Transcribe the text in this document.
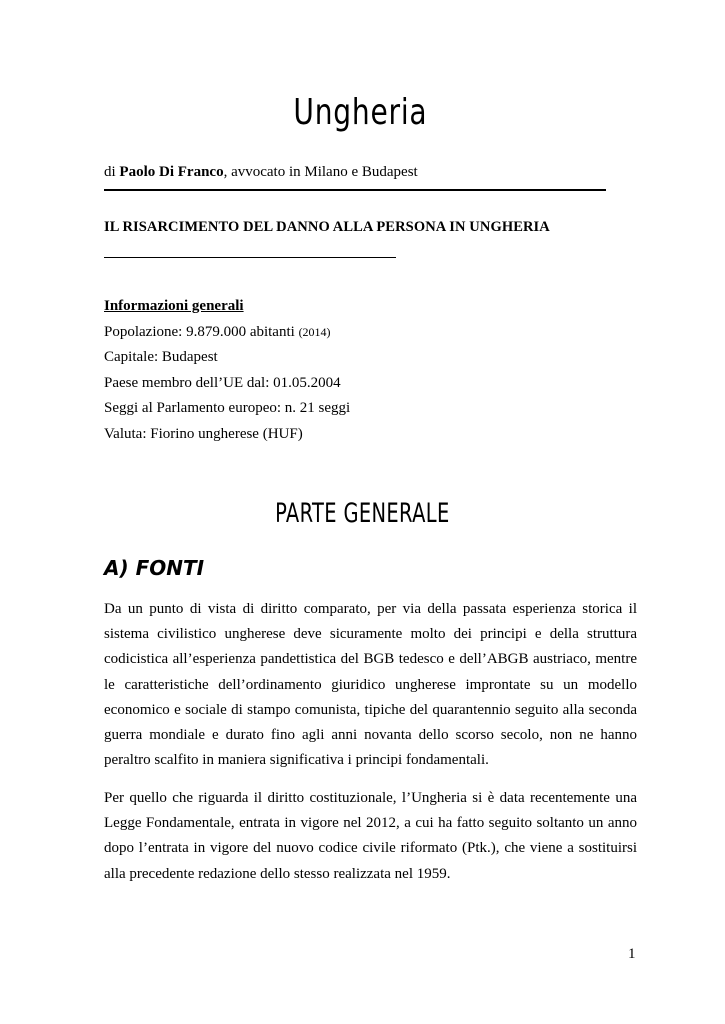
Ungheria
di Paolo Di Franco, avvocato in Milano e Budapest
IL RISARCIMENTO DEL DANNO ALLA PERSONA IN UNGHERIA
Informazioni generali
Popolazione: 9.879.000 abitanti (2014)
Capitale: Budapest
Paese membro dell’UE dal: 01.05.2004
Seggi al Parlamento europeo: n. 21 seggi
Valuta: Fiorino ungherese (HUF)
PARTE GENERALE
A) FONTI
Da un punto di vista di diritto comparato, per via della passata esperienza storica il sistema civilistico ungherese deve sicuramente molto dei principi e della struttura codicistica all’esperienza pandettistica del BGB tedesco e dell’ABGB austriaco, mentre le caratteristiche dell’ordinamento giuridico ungherese improntate su un modello economico e sociale di stampo comunista, tipiche del quarantennio seguito alla seconda guerra mondiale e durato fino agli anni novanta dello scorso secolo, non ne hanno peraltro scalfito in maniera significativa i principi fondamentali.
Per quello che riguarda il diritto costituzionale, l’Ungheria si è data recentemente una Legge Fondamentale, entrata in vigore nel 2012, a cui ha fatto seguito soltanto un anno dopo l’entrata in vigore del nuovo codice civile riformato (Ptk.), che viene a sostituirsi alla precedente redazione dello stesso realizzata nel 1959.
1
